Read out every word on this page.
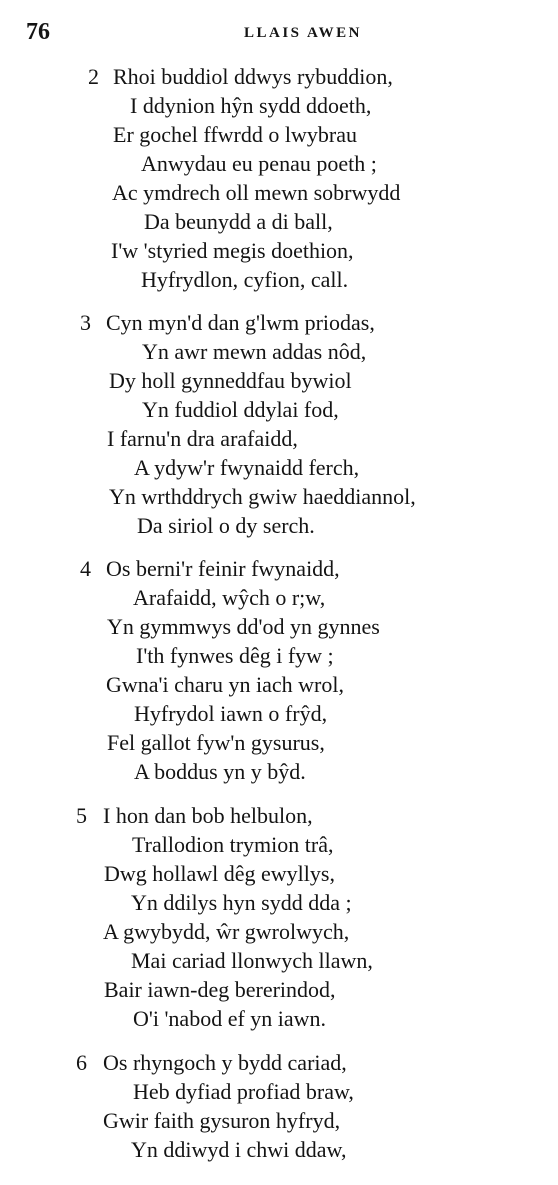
76	LLAIS AWEN
2 Rhoi buddiol ddwys rybuddion,
I ddynion hŷn sydd ddoeth,
Er gochel ffwrdd o lwybrau
Anwydau eu penau poeth ;
Ac ymdrech oll mewn sobrwydd
Da beunydd a di ball,
I'w 'styried megis doethion,
Hyfrydlon, cyfion, call.
3 Cyn myn'd dan g'lwm priodas,
Yn awr mewn addas nôd,
Dy holl gynneddfau bywiol
Yn fuddiol ddylai fod,
I farnu'n dra arafaidd,
A ydyw'r fwynaidd ferch,
Yn wrthddrych gwiw haeddiannol,
Da siriol o dy serch.
4 Os berni'r feinir fwynaidd,
Arafaidd, wŷch o r;w,
Yn gymmwys dd'od yn gynnes
I'th fynwes dêg i fyw ;
Gwna'i charu yn iach wrol,
Hyfrydol iawn o frŷd,
Fel gallot fyw'n gysurus,
A boddus yn y bŷd.
5 I hon dan bob helbulon,
Trallodion trymion trâ,
Dwg hollawl dêg ewyllys,
Yn ddilys hyn sydd dda ;
A gwybydd, ŵr gwrolwych,
Mai cariad llonwych llawn,
Bair iawn-deg bererindod,
O'i 'nabod ef yn iawn.
6 Os rhyngoch y bydd cariad,
Heb dyfiad profiad braw,
Gwir faith gysuron hyfryd,
Yn ddiwyd i chwi ddaw,
